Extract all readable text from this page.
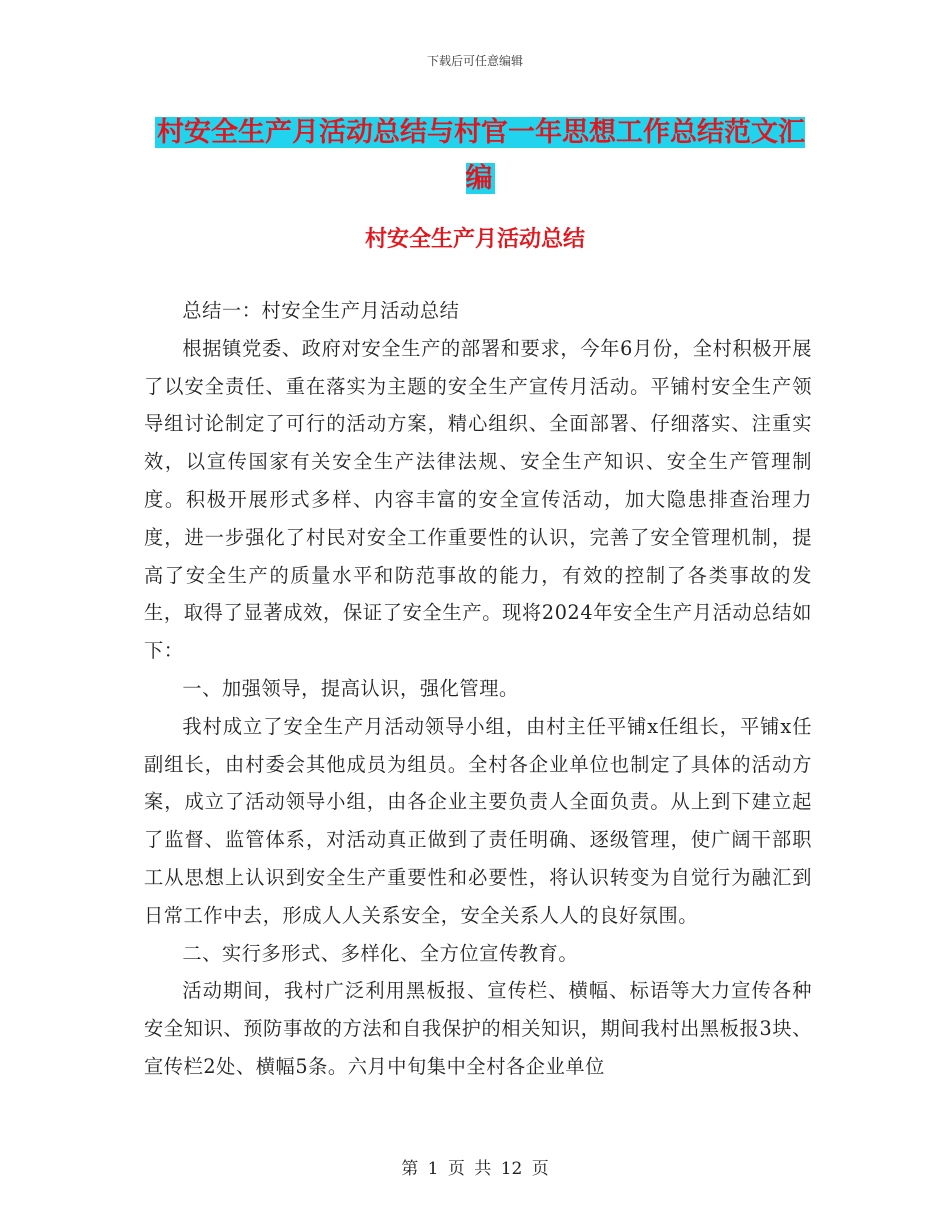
下载后可任意编辑
村安全生产月活动总结与村官一年思想工作总结范文汇编
村安全生产月活动总结

总结一：村安全生产月活动总结

根据镇党委、政府对安全生产的部署和要求，今年6月份，全村积极开展了以安全责任、重在落实为主题的安全生产宣传月活动。平铺村安全生产领导组讨论制定了可行的活动方案，精心组织、全面部署、仔细落实、注重实效，以宣传国家有关安全生产法律法规、安全生产知识、安全生产管理制度。积极开展形式多样、内容丰富的安全宣传活动，加大隐患排查治理力度，进一步强化了村民对安全工作重要性的认识，完善了安全管理机制，提高了安全生产的质量水平和防范事故的能力，有效的控制了各类事故的发生，取得了显著成效，保证了安全生产。现将2024年安全生产月活动总结如下：

一、加强领导，提高认识，强化管理。

我村成立了安全生产月活动领导小组，由村主任平铺x任组长，平铺x任副组长，由村委会其他成员为组员。全村各企业单位也制定了具体的活动方案，成立了活动领导小组，由各企业主要负责人全面负责。从上到下建立起了监督、监管体系，对活动真正做到了责任明确、逐级管理，使广阔干部职工从思想上认识到安全生产重要性和必要性，将认识转变为自觉行为融汇到日常工作中去，形成人人关系安全，安全关系人人的良好氛围。

二、实行多形式、多样化、全方位宣传教育。

活动期间，我村广泛利用黑板报、宣传栏、横幅、标语等大力宣传各种安全知识、预防事故的方法和自我保护的相关知识，期间我村出黑板报3块、宣传栏2处、横幅5条。六月中旬集中全村各企业单位

第 1 页 共 12 页
